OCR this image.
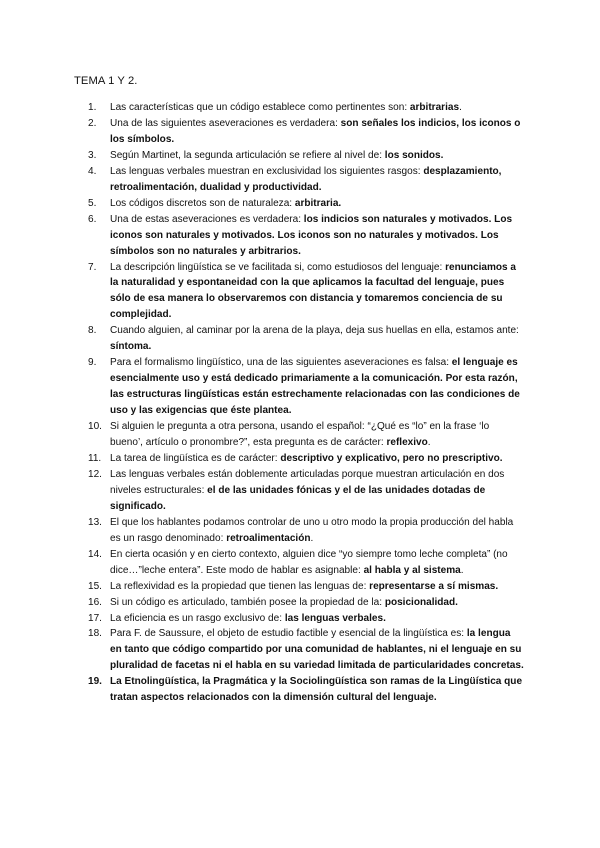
TEMA 1 Y 2.
1. Las características que un código establece como pertinentes son: arbitrarias.
2. Una de las siguientes aseveraciones es verdadera: son señales los indicios, los iconos o los símbolos.
3. Según Martinet, la segunda articulación se refiere al nivel de: los sonidos.
4. Las lenguas verbales muestran en exclusividad los siguientes rasgos: desplazamiento, retroalimentación, dualidad y productividad.
5. Los códigos discretos son de naturaleza: arbitraria.
6. Una de estas aseveraciones es verdadera: los indicios son naturales y motivados. Los iconos son naturales y motivados. Los iconos son no naturales y motivados. Los símbolos son no naturales y arbitrarios.
7. La descripción lingüística se ve facilitada si, como estudiosos del lenguaje: renunciamos a la naturalidad y espontaneidad con la que aplicamos la facultad del lenguaje, pues sólo de esa manera lo observaremos con distancia y tomaremos conciencia de su complejidad.
8. Cuando alguien, al caminar por la arena de la playa, deja sus huellas en ella, estamos ante: síntoma.
9. Para el formalismo lingüístico, una de las siguientes aseveraciones es falsa: el lenguaje es esencialmente uso y está dedicado primariamente a la comunicación. Por esta razón, las estructuras lingüísticas están estrechamente relacionadas con las condiciones de uso y las exigencias que éste plantea.
10. Si alguien le pregunta a otra persona, usando el español: “¿Qué es “lo” en la frase ‘lo bueno’, artículo o pronombre?”, esta pregunta es de carácter: reflexivo.
11. La tarea de lingüística es de carácter: descriptivo y explicativo, pero no prescriptivo.
12. Las lenguas verbales están doblemente articuladas porque muestran articulación en dos niveles estructurales: el de las unidades fónicas y el de las unidades dotadas de significado.
13. El que los hablantes podamos controlar de uno u otro modo la propia producción del habla es un rasgo denominado: retroalimentación.
14. En cierta ocasión y en cierto contexto, alguien dice “yo siempre tomo leche completa” (no dice…”leche entera”. Este modo de hablar es asignable: al habla y al sistema.
15. La reflexividad es la propiedad que tienen las lenguas de: representarse a sí mismas.
16. Si un código es articulado, también posee la propiedad de la: posicionalidad.
17. La eficiencia es un rasgo exclusivo de: las lenguas verbales.
18. Para F. de Saussure, el objeto de estudio factible y esencial de la lingüística es: la lengua en tanto que código compartido por una comunidad de hablantes, ni el lenguaje en su pluralidad de facetas ni el habla en su variedad limitada de particularidades concretas.
19. La Etnolingüística, la Pragmática y la Sociolingüística son ramas de la Lingüística que tratan aspectos relacionados con la dimensión cultural del lenguaje.
